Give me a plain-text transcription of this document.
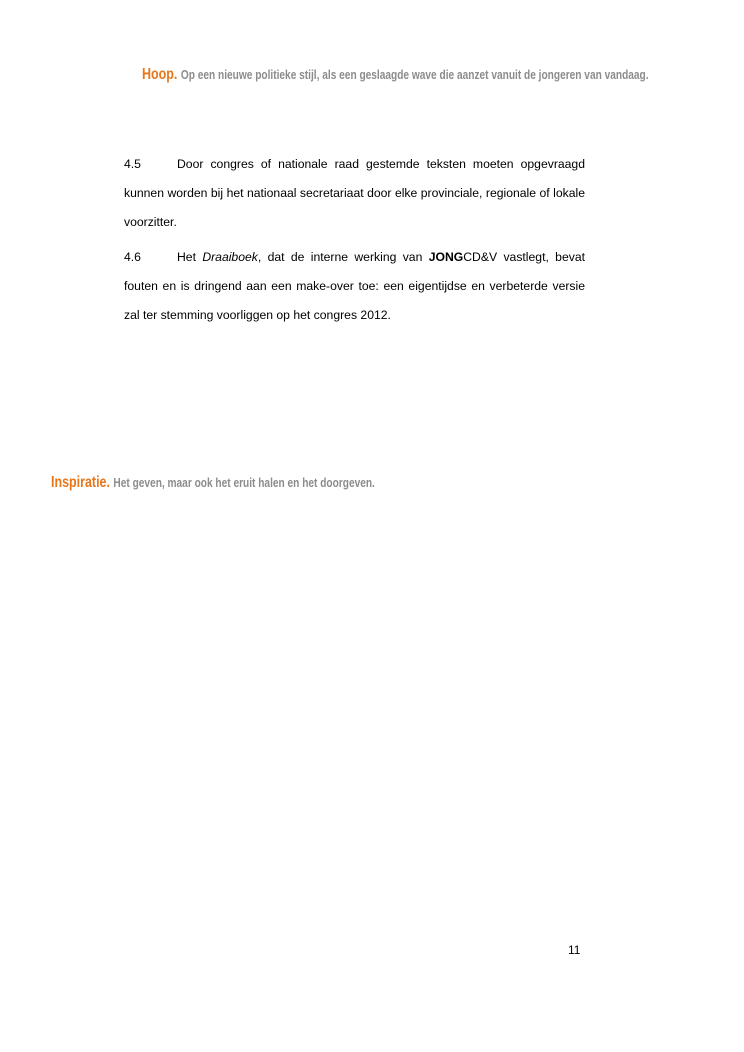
Hoop. Op een nieuwe politieke stijl, als een geslaagde wave die aanzet vanuit de jongeren van vandaag.
4.5	Door congres of nationale raad gestemde teksten moeten opgevraagd kunnen worden bij het nationaal secretariaat door elke provinciale, regionale of lokale voorzitter.
4.6	Het Draaiboek, dat de interne werking van JONGCD&V vastlegt, bevat fouten en is dringend aan een make-over toe: een eigentijdse en verbeterde versie zal ter stemming voorliggen op het congres 2012.
Inspiratie. Het geven, maar ook het eruit halen en het doorgeven.
11
